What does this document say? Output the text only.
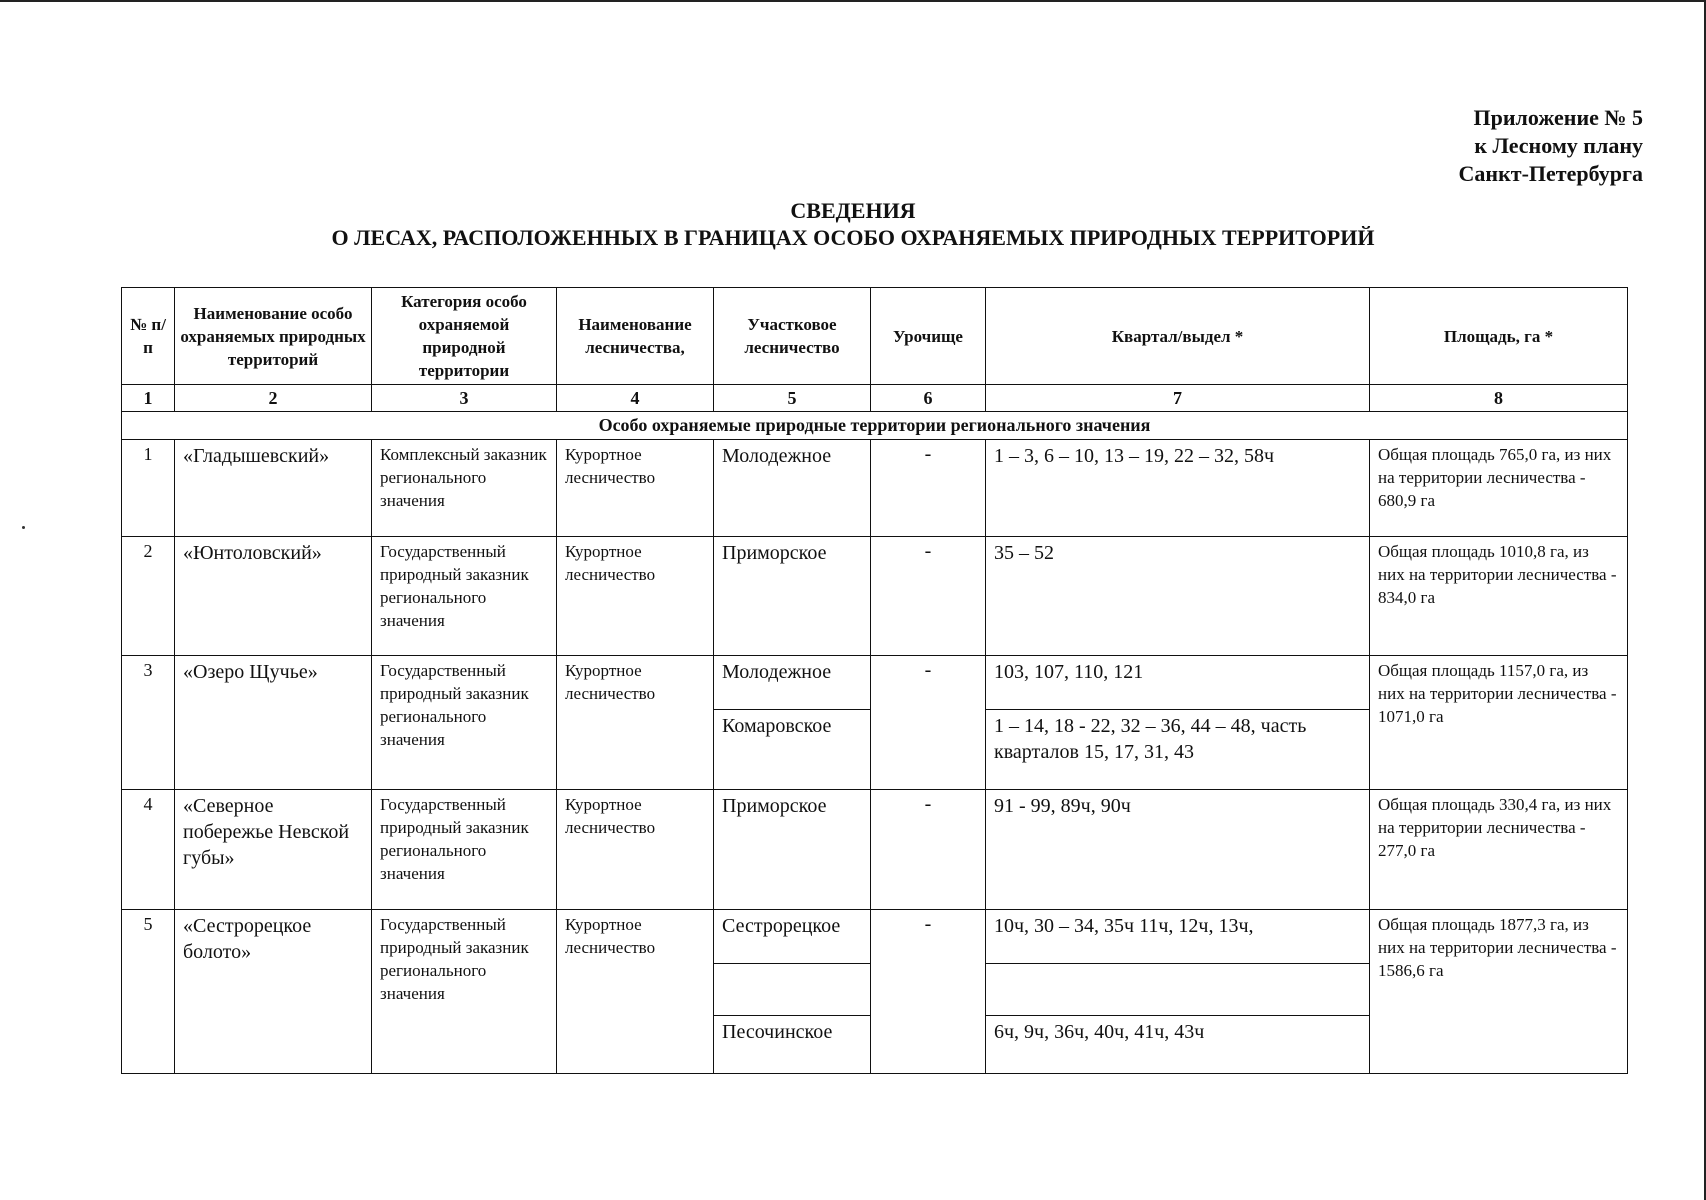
Приложение № 5
к Лесному плану
Санкт-Петербурга
СВЕДЕНИЯ
О ЛЕСАХ, РАСПОЛОЖЕННЫХ В ГРАНИЦАХ ОСОБО ОХРАНЯЕМЫХ ПРИРОДНЫХ ТЕРРИТОРИЙ
№ п/п	Наименование особо охраняемых природных территорий	Категория особо охраняемой природной территории	Наименование лесничества,	Участковое лесничество	Урочище	Квартал/выдел *	Площадь, га *
1	2	3	4	5	6	7	8
Особо охраняемые природные территории регионального значения							
1	«Гладышевский»	Комплексный заказник регионального значения	Курортное лесничество	Молодежное	-	1 – 3, 6 – 10, 13 – 19, 22 – 32, 58ч	Общая площадь 765,0 га, из них на территории лесничества - 680,9 га
2	«Юнтоловский»	Государственный природный заказник регионального значения	Курортное лесничество	Приморское	-	35 – 52	Общая площадь 1010,8 га, из них на территории лесничества - 834,0 га
3	«Озеро Щучье»	Государственный природный заказник регионального значения	Курортное лесничество	Молодежное	-	103, 107, 110, 121	Общая площадь 1157,0 га, из них на территории лесничества - 1071,0 га
				Комаровское		1 – 14, 18 - 22, 32 – 36, 44 – 48, часть кварталов 15, 17, 31, 43	
4	«Северное побережье Невской губы»	Государственный природный заказник регионального значения	Курортное лесничество	Приморское	-	91 - 99, 89ч, 90ч	Общая площадь 330,4 га, из них на территории лесничества - 277,0 га
5	«Сестрорецкое болото»	Государственный природный заказник регионального значения	Курортное лесничество	Сестрорецкое	-	10ч, 30 – 34, 35ч 11ч, 12ч, 13ч,	Общая площадь 1877,3 га, из них на территории лесничества - 1586,6 га

				Песочинское		6ч, 9ч, 36ч, 40ч, 41ч, 43ч	
